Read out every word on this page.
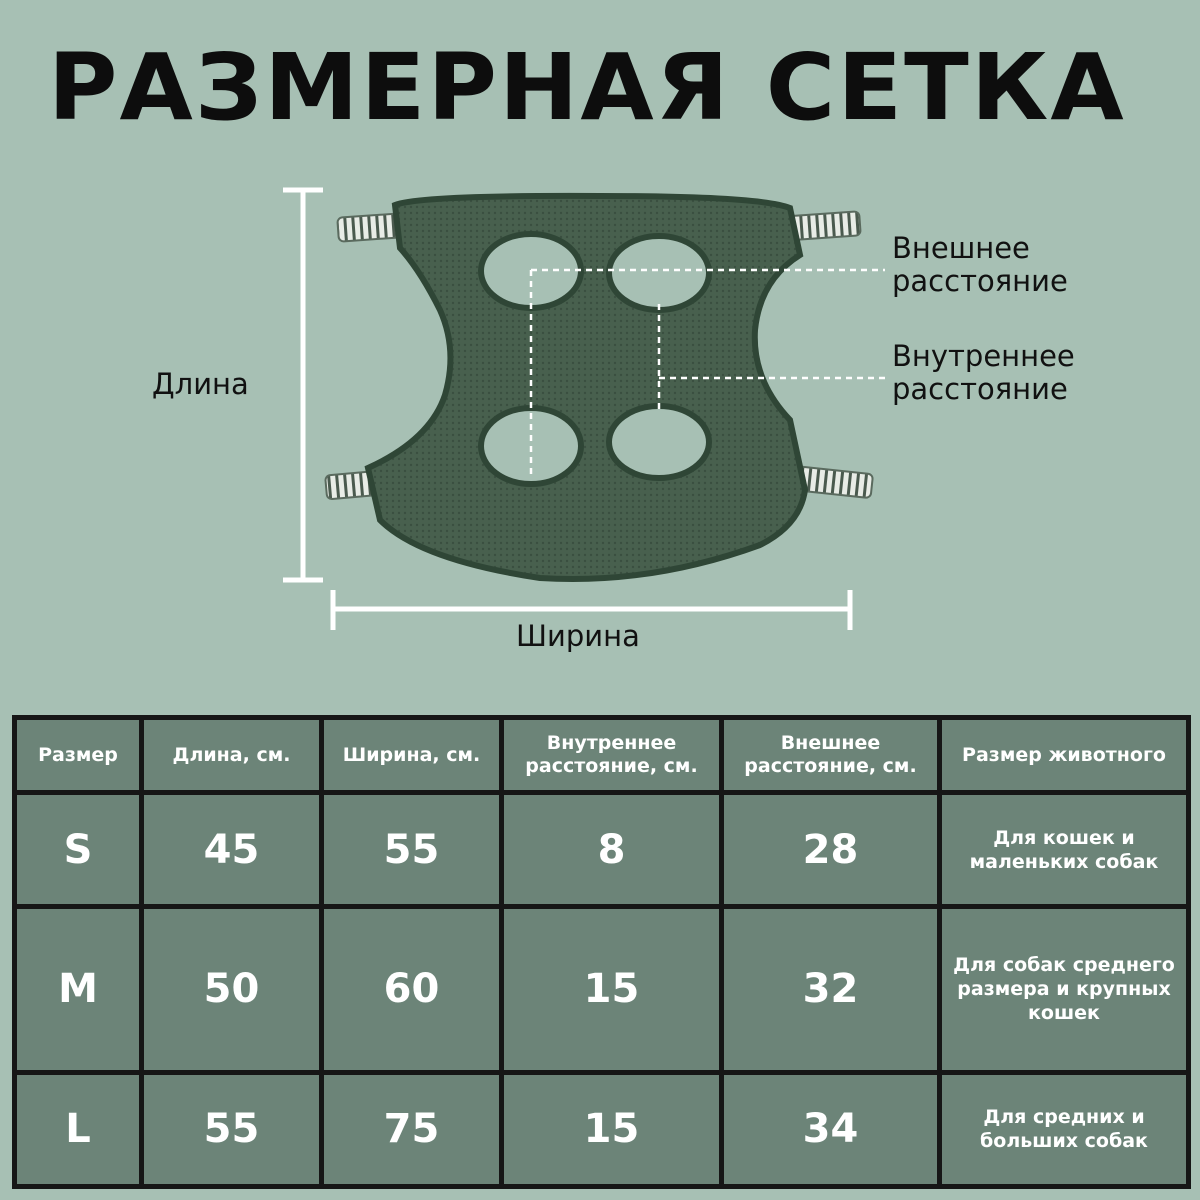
РАЗМЕРНАЯ СЕТКА
Длина
Ширина
Внешнее
расстояние
Внутреннее
расстояние
Размер	Длина, см.	Ширина, см.	Внутреннее расстояние, см.	Внешнее расстояние, см.	Размер животного
S	45	55	8	28	Для кошек и маленьких собак
M	50	60	15	32	Для собак среднего размера и крупных кошек
L	55	75	15	34	Для средних и больших собак
